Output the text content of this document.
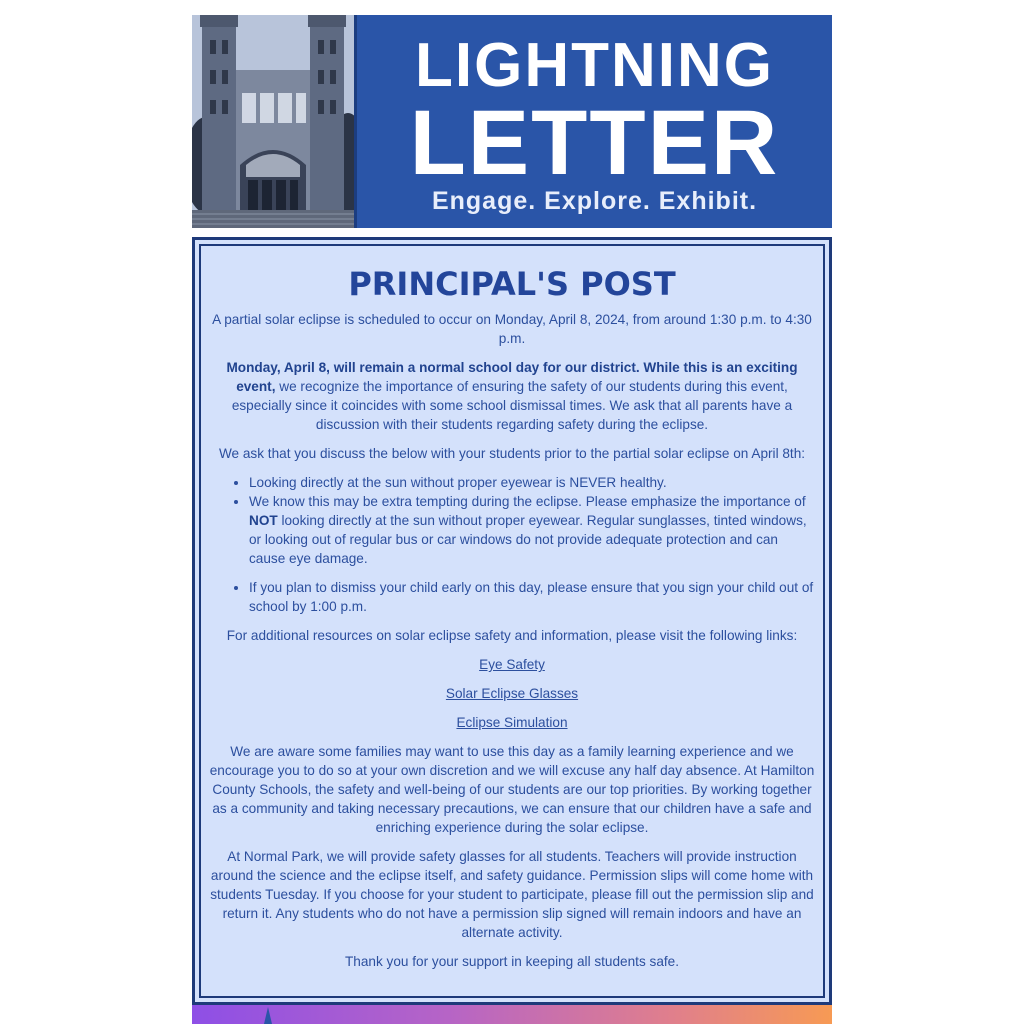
LIGHTNING
LETTER
Engage. Explore. Exhibit.
PRINCIPAL'S POST

A partial solar eclipse is scheduled to occur on Monday, April 8, 2024, from around 1:30 p.m. to 4:30 p.m.

Monday, April 8, will remain a normal school day for our district. While this is an exciting event, we recognize the importance of ensuring the safety of our students during this event, especially since it coincides with some school dismissal times. We ask that all parents have a discussion with their students regarding safety during the eclipse.

We ask that you discuss the below with your students prior to the partial solar eclipse on April 8th:

• Looking directly at the sun without proper eyewear is NEVER healthy.
• We know this may be extra tempting during the eclipse. Please emphasize the importance of NOT looking directly at the sun without proper eyewear. Regular sunglasses, tinted windows, or looking out of regular bus or car windows do not provide adequate protection and can cause eye damage.
• If you plan to dismiss your child early on this day, please ensure that you sign your child out of school by 1:00 p.m.

For additional resources on solar eclipse safety and information, please visit the following links:

Eye Safety

Solar Eclipse Glasses

Eclipse Simulation

We are aware some families may want to use this day as a family learning experience and we encourage you to do so at your own discretion and we will excuse any half day absence. At Hamilton County Schools, the safety and well-being of our students are our top priorities. By working together as a community and taking necessary precautions, we can ensure that our children have a safe and enriching experience during the solar eclipse.

At Normal Park, we will provide safety glasses for all students. Teachers will provide instruction around the science and the eclipse itself, and safety guidance. Permission slips will come home with students Tuesday. If you choose for your student to participate, please fill out the permission slip and return it. Any students who do not have a permission slip signed will remain indoors and have an alternate activity.

Thank you for your support in keeping all students safe.
